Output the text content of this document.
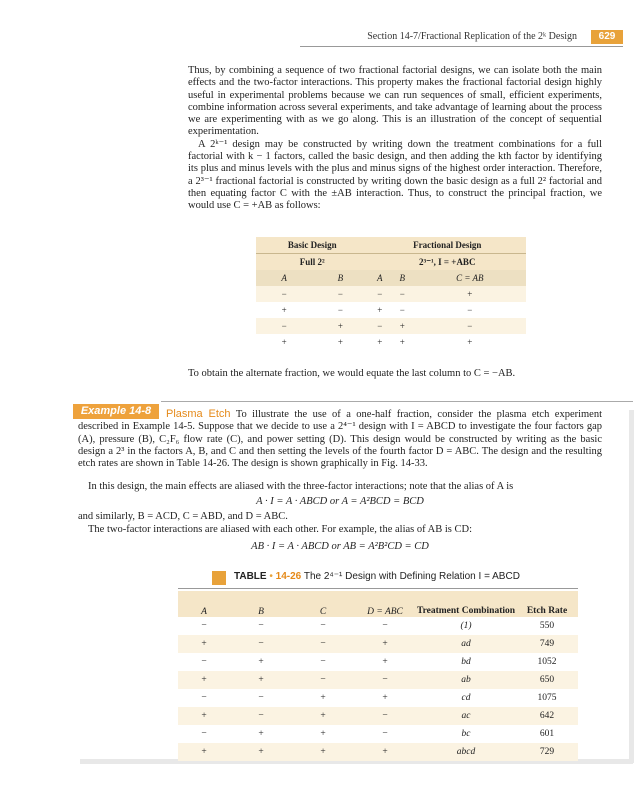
Section 14-7/Fractional Replication of the 2ᵏ Design	629

Thus, by combining a sequence of two fractional factorial designs, we can isolate both the main effects and the two-factor interactions. This property makes the fractional factorial design highly useful in experimental problems because we can run sequences of small, efficient experiments, combine information across several experiments, and take advantage of learning about the process we are experimenting with as we go along. This is an illustration of the concept of sequential experimentation.

A 2ᵏ⁻¹ design may be constructed by writing down the treatment combinations for a full factorial with k − 1 factors, called the basic design, and then adding the kth factor by identifying its plus and minus levels with the plus and minus signs of the highest order interaction. Therefore, a 2³⁻¹ fractional factorial is constructed by writing down the basic design as a full 2² factorial and then equating factor C with the ±AB interaction. Thus, to construct the principal fraction, we would use C = +AB as follows:

Basic Design		Fractional Design		
Full 2²		2³⁻¹, I = +ABC		
A	B	A	B	C = AB
−	−	−	−	+
+	−	+	−	−
−	+	−	+	−
+	+	+	+	+
To obtain the alternate fraction, we would equate the last column to C = −AB.
Example 14-8	Plasma Etch To illustrate the use of a one-half fraction, consider the plasma etch experiment described in Example 14-5. Suppose that we decide to use a 2⁴⁻¹ design with I = ABCD to investigate the four factors gap (A), pressure (B), C₂F₆ flow rate (C), and power setting (D). This design would be constructed by writing as the basic design a 2³ in the factors A, B, and C and then setting the levels of the fourth factor D = ABC. The design and the resulting etch rates are shown in Table 14-26. The design is shown graphically in Fig. 14-33.
In this design, the main effects are aliased with the three-factor interactions; note that the alias of A is
A · I = A · ABCD or A = A²BCD = BCD
and similarly, B = ACD, C = ABD, and D = ABC.
The two-factor interactions are aliased with each other. For example, the alias of AB is CD:
AB · I = A · ABCD or AB = A²B²CD = CD
TABLE • 14-26 The 2⁴⁻¹ Design with Defining Relation I = ABCD
A	B	C	D = ABC	Treatment Combination	Etch Rate
−	−	−	−	(1)	550
+	−	−	+	ad	749
−	+	−	+	bd	1052
+	+	−	−	ab	650
−	−	+	+	cd	1075
+	−	+	−	ac	642
−	+	+	−	bc	601
+	+	+	+	abcd	729
